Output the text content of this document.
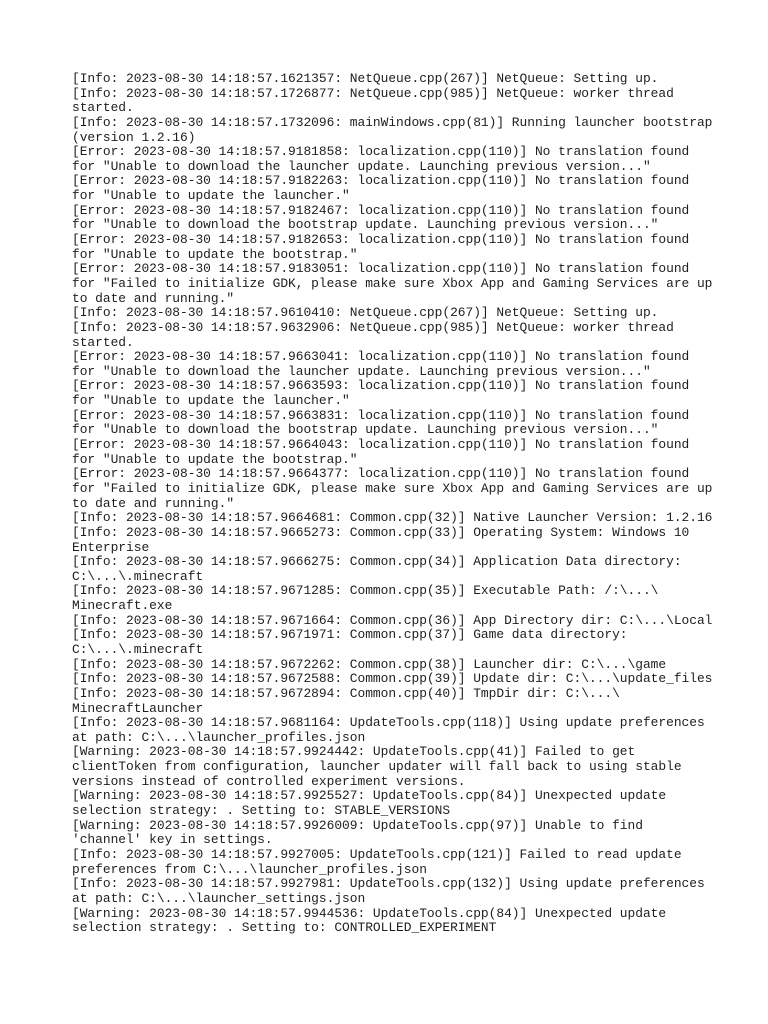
[Info: 2023-08-30 14:18:57.1621357: NetQueue.cpp(267)] NetQueue: Setting up.
[Info: 2023-08-30 14:18:57.1726877: NetQueue.cpp(985)] NetQueue: worker thread
started.
[Info: 2023-08-30 14:18:57.1732096: mainWindows.cpp(81)] Running launcher bootstrap
(version 1.2.16)
[Error: 2023-08-30 14:18:57.9181858: localization.cpp(110)] No translation found
for "Unable to download the launcher update. Launching previous version..."
[Error: 2023-08-30 14:18:57.9182263: localization.cpp(110)] No translation found
for "Unable to update the launcher."
[Error: 2023-08-30 14:18:57.9182467: localization.cpp(110)] No translation found
for "Unable to download the bootstrap update. Launching previous version..."
[Error: 2023-08-30 14:18:57.9182653: localization.cpp(110)] No translation found
for "Unable to update the bootstrap."
[Error: 2023-08-30 14:18:57.9183051: localization.cpp(110)] No translation found
for "Failed to initialize GDK, please make sure Xbox App and Gaming Services are up
to date and running."
[Info: 2023-08-30 14:18:57.9610410: NetQueue.cpp(267)] NetQueue: Setting up.
[Info: 2023-08-30 14:18:57.9632906: NetQueue.cpp(985)] NetQueue: worker thread
started.
[Error: 2023-08-30 14:18:57.9663041: localization.cpp(110)] No translation found
for "Unable to download the launcher update. Launching previous version..."
[Error: 2023-08-30 14:18:57.9663593: localization.cpp(110)] No translation found
for "Unable to update the launcher."
[Error: 2023-08-30 14:18:57.9663831: localization.cpp(110)] No translation found
for "Unable to download the bootstrap update. Launching previous version..."
[Error: 2023-08-30 14:18:57.9664043: localization.cpp(110)] No translation found
for "Unable to update the bootstrap."
[Error: 2023-08-30 14:18:57.9664377: localization.cpp(110)] No translation found
for "Failed to initialize GDK, please make sure Xbox App and Gaming Services are up
to date and running."
[Info: 2023-08-30 14:18:57.9664681: Common.cpp(32)] Native Launcher Version: 1.2.16
[Info: 2023-08-30 14:18:57.9665273: Common.cpp(33)] Operating System: Windows 10
Enterprise
[Info: 2023-08-30 14:18:57.9666275: Common.cpp(34)] Application Data directory:
C:\...\.minecraft
[Info: 2023-08-30 14:18:57.9671285: Common.cpp(35)] Executable Path: /:\...\
Minecraft.exe
[Info: 2023-08-30 14:18:57.9671664: Common.cpp(36)] App Directory dir: C:\...\Local
[Info: 2023-08-30 14:18:57.9671971: Common.cpp(37)] Game data directory:
C:\...\.minecraft
[Info: 2023-08-30 14:18:57.9672262: Common.cpp(38)] Launcher dir: C:\...\game
[Info: 2023-08-30 14:18:57.9672588: Common.cpp(39)] Update dir: C:\...\update_files
[Info: 2023-08-30 14:18:57.9672894: Common.cpp(40)] TmpDir dir: C:\...\
MinecraftLauncher
[Info: 2023-08-30 14:18:57.9681164: UpdateTools.cpp(118)] Using update preferences
at path: C:\...\launcher_profiles.json
[Warning: 2023-08-30 14:18:57.9924442: UpdateTools.cpp(41)] Failed to get
clientToken from configuration, launcher updater will fall back to using stable
versions instead of controlled experiment versions.
[Warning: 2023-08-30 14:18:57.9925527: UpdateTools.cpp(84)] Unexpected update
selection strategy: . Setting to: STABLE_VERSIONS
[Warning: 2023-08-30 14:18:57.9926009: UpdateTools.cpp(97)] Unable to find
'channel' key in settings.
[Info: 2023-08-30 14:18:57.9927005: UpdateTools.cpp(121)] Failed to read update
preferences from C:\...\launcher_profiles.json
[Info: 2023-08-30 14:18:57.9927981: UpdateTools.cpp(132)] Using update preferences
at path: C:\...\launcher_settings.json
[Warning: 2023-08-30 14:18:57.9944536: UpdateTools.cpp(84)] Unexpected update
selection strategy: . Setting to: CONTROLLED_EXPERIMENT
